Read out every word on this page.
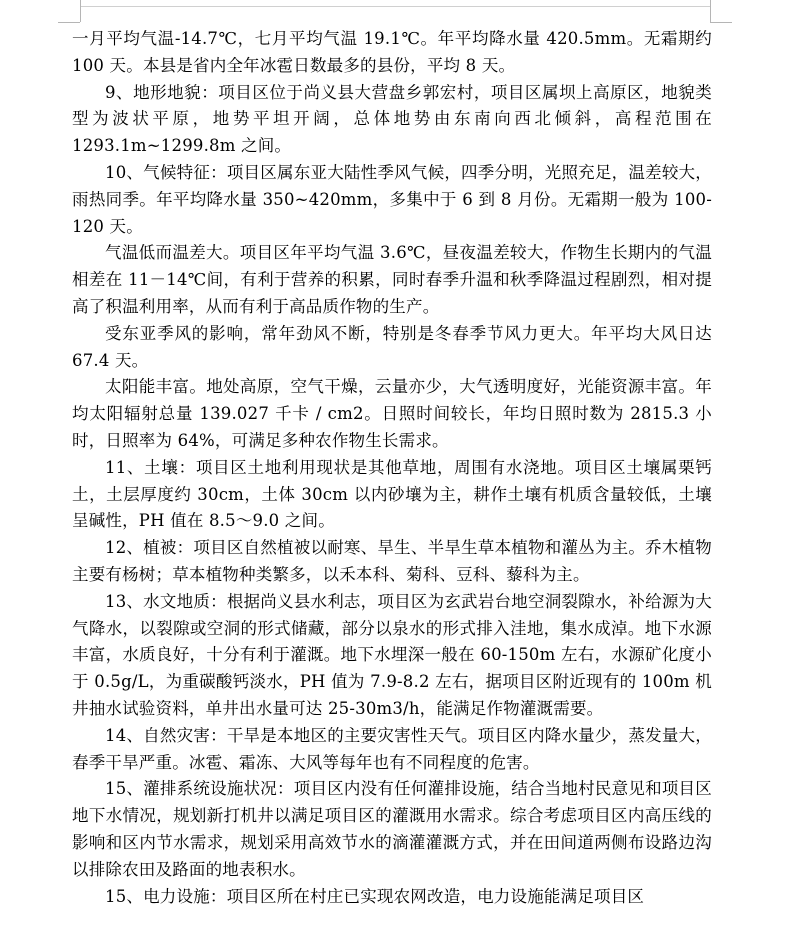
一月平均气温-14.7℃，七月平均气温 19.1℃。年平均降水量 420.5mm。无霜期约 100 天。本县是省内全年冰雹日数最多的县份，平均 8 天。

9、地形地貌：项目区位于尚义县大营盘乡郭宏村，项目区属坝上高原区，地貌类型为波状平原，地势平坦开阔，总体地势由东南向西北倾斜，高程范围在 1293.1m~1299.8m 之间。

10、气候特征：项目区属东亚大陆性季风气候，四季分明，光照充足，温差较大，雨热同季。年平均降水量 350~420mm，多集中于 6 到 8 月份。无霜期一般为 100-120 天。

气温低而温差大。项目区年平均气温 3.6℃，昼夜温差较大，作物生长期内的气温相差在 11－14℃间，有利于营养的积累，同时春季升温和秋季降温过程剧烈，相对提高了积温利用率，从而有利于高品质作物的生产。

受东亚季风的影响，常年劲风不断，特别是冬春季节风力更大。年平均大风日达 67.4 天。

太阳能丰富。地处高原，空气干燥，云量亦少，大气透明度好，光能资源丰富。年均太阳辐射总量 139.027 千卡 / cm2。日照时间较长，年均日照时数为 2815.3 小时，日照率为 64%，可满足多种农作物生长需求。

11、土壤：项目区土地利用现状是其他草地，周围有水浇地。项目区土壤属栗钙土，土层厚度约 30cm，土体 30cm 以内砂壤为主，耕作土壤有机质含量较低，土壤呈碱性，PH 值在 8.5～9.0 之间。

12、植被：项目区自然植被以耐寒、旱生、半旱生草本植物和灌丛为主。乔木植物主要有杨树；草本植物种类繁多，以禾本科、菊科、豆科、藜科为主。

13、水文地质：根据尚义县水利志，项目区为玄武岩台地空洞裂隙水，补给源为大气降水，以裂隙或空洞的形式储藏，部分以泉水的形式排入洼地，集水成淖。地下水源丰富，水质良好，十分有利于灌溉。地下水埋深一般在 60-150m 左右，水源矿化度小于 0.5g/L，为重碳酸钙淡水，PH 值为 7.9-8.2 左右，据项目区附近现有的 100m 机井抽水试验资料，单井出水量可达 25-30m3/h，能满足作物灌溉需要。

14、自然灾害：干旱是本地区的主要灾害性天气。项目区内降水量少，蒸发量大，春季干旱严重。冰雹、霜冻、大风等每年也有不同程度的危害。

15、灌排系统设施状况：项目区内没有任何灌排设施，结合当地村民意见和项目区地下水情况，规划新打机井以满足项目区的灌溉用水需求。综合考虑项目区内高压线的影响和区内节水需求，规划采用高效节水的滴灌灌溉方式，并在田间道两侧布设路边沟以排除农田及路面的地表积水。

15、电力设施：项目区所在村庄已实现农网改造，电力设施能满足项目区
